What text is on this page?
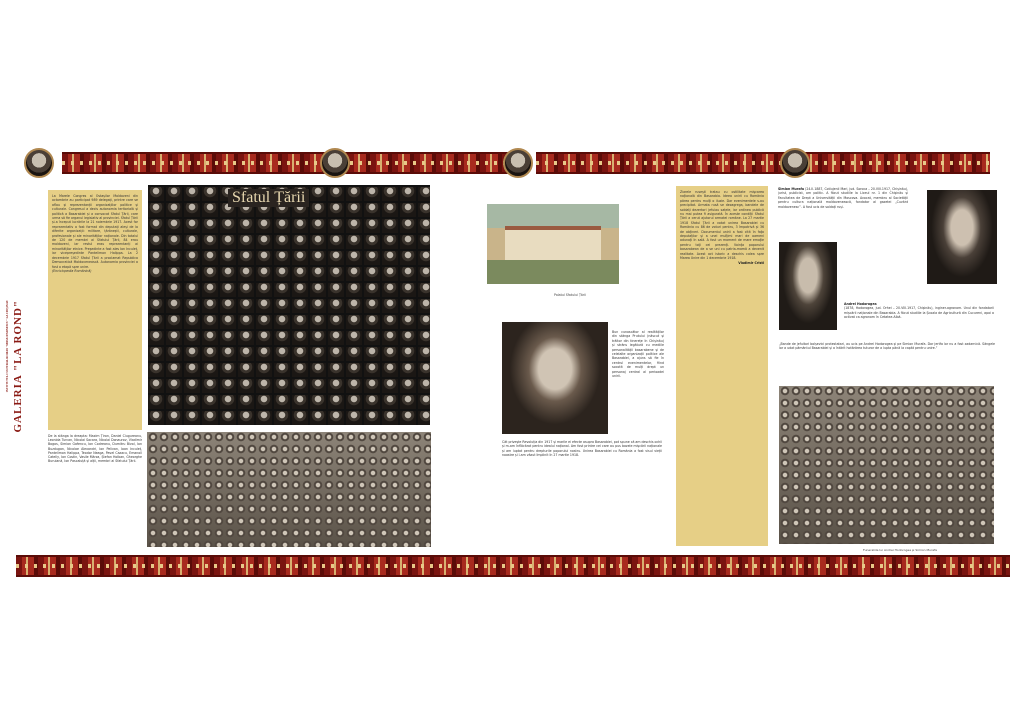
GALERIA "LA ROND"
INSTITUTUL CULTURAL ROMÂN "MIHAI EMINESCU" LA CHIȘINĂU
La Marele Congres al Ostașilor Moldoveni din octombrie au participat 989 delegați, printre care se aflau și reprezentanții organizațiilor politice și culturale. Congresul a decis autonomia teritorială și politică a Basarabiei și a convocat Sfatul Țării, care urma să fie organul legislativ al provinciei. Sfatul Țării și-a început lucrările la 21 noiembrie 1917. Acest for reprezentativ a fost format din deputați aleși de la diferite organizații: militare, țărănești, culturale, profesionale și ale minorităților naționale. Din totalul de 120 de membri ai Sfatului Țării, 84 erau moldoveni, iar restul erau reprezentanți ai minorităților etnice. Președinte a fost ales Ion Inculeț, iar vicepreședinte Pantelimon Halippa. La 2 decembrie 1917 Sfatul Țării a proclamat Republica Democratică Moldovenească. Autonomia provinciei a fost o etapă spre unire.
(Enciclopedia Românică)
Sfatul Țării
De la stânga la dreapta: Maxim Țiron, Daniel Ciugureanu, Leonida Turcan, Nicolai Sacara, Nicolai Donaurov, Vladimir Bogos, Simion Gafencu, Ion Codreanu, Dumitru Bivol, Ion Buzdugan, Nicolae Alexandri, Ion Pelivan, Ioan Inculeț, Pantelimon Halippa, Teodor Neaga, Pavel Cazacu, Emanoil Catelly, Ion Costin, Vasile Mârza, Ștefan Holban, Gheorghe Buruiană, Ion Pascaluță și alții, membri ai Sfatului Țării.
Palatul Sfatului Țării
Bun cunoscător al realităților din stânga Prutului (născut și trăitor din tinerețe în Chișinău) și strâns legătură cu mediile personalității basarabene și de celelalte organizații politice ale Basarabiei, a ajuns să fie în centrul evenimentelor, fiind socotit de mulți drept un personaj central al perioadei unirii.
Cât privește Revoluția din 1917 și marile ei efecte asupra Basarabiei, pot spune că am deschis ochii și m-am înflăcărat pentru idealul național. Am fost printre cei care au pus bazele mișcării naționale și am luptat pentru drepturile poporului nostru. Unirea Basarabiei cu România a fost visul vieții noastre și l-am văzut împlinit în 27 martie 1918.
Ziarele ruseşti tratau cu ostilitate mişcarea naţională din Basarabia. Ideea unirii cu România părea pentru mulţi o iluzie. Dar evenimentele s-au precipitat. Armata rusă se dezagrega, bandele de soldaţi dezertori jefuiau satele, iar ordinea publică nu mai putea fi asigurată. În aceste condiţii Sfatul Ţării a cerut ajutorul armatei române. La 27 martie 1918 Sfatul Ţării a votat unirea Basarabiei cu România cu 86 de voturi pentru, 3 împotrivă şi 36 de abţineri. Documentul unirii a fost citit în faţa deputaţilor şi a unei mulţimi mari de oameni adunaţi în sală. A fost un moment de mare emoţie pentru toţi cei prezenţi. Voinţa poporului basarabean de a se uni cu patria-mamă a devenit realitate. Acest act istoric a deschis calea spre Marea Unire din 1 decembrie 1918.
Vladimir Cristi
Simion Murafa (24.II.1887, Cotiujenii Mari, jud. Soroca – 20.VIII.1917, Chișinău), jurist, publicist, om politic. A făcut studiile la Liceul nr. 1 din Chișinău și Facultatea de Drept a Universității din Moscova. Avocat, membru al Societății pentru cultura națională moldovenească, fondator al gazetei „Cuvânt moldovenesc”. A fost ucis de soldați ruși.
Andrei Hodorogea
(1878, Hodorogea, jud. Orhei – 20.VIII.1917, Chișinău), inginer-agronom. Unul din fondatorii mișcării naționale din Basarabia. A făcut studiile la Școala de Agricultură din Cucureni, apoi a activat ca agronom în Cetatea Albă.
„Bande de jefuitori bolșevici protestatari, au ucis pe Andrei Hodorogea și pe Simion Murafa. Dar jertfa lor nu a fost zadarnică. Sângele lor a udat pământul Basarabiei și a întărit hotărârea tuturor de a lupta până la capăt pentru unire.”
Funeraliile lui Andrei Hodorogea și Simion Murafa
